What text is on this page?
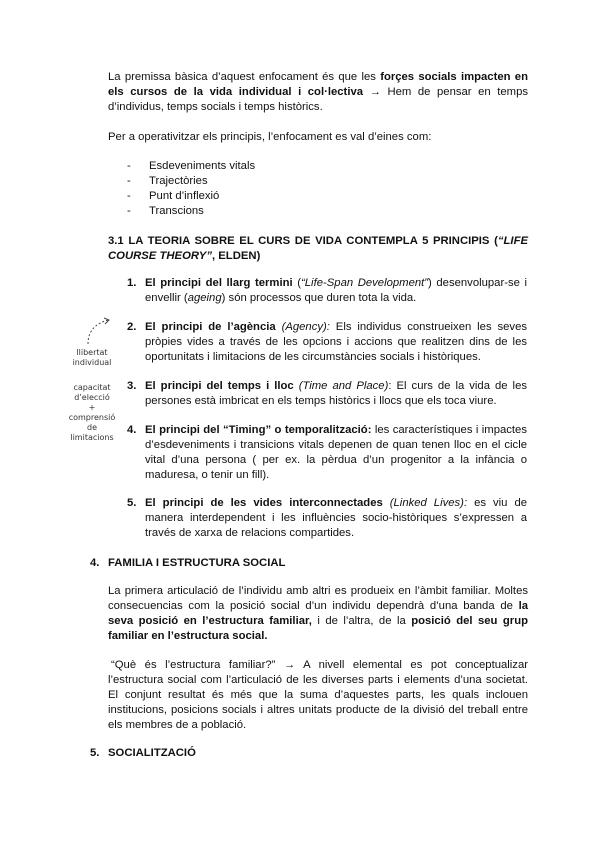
La premissa bàsica d’aquest enfocament és que les forçes socials impacten en els cursos de la vida individual i col·lectiva → Hem de pensar en temps d’individus, temps socials i temps històrics.

Per a operativitzar els principis, l’enfocament es val d’eines com:

- Esdeveniments vitals
- Trajectòries
- Punt d’inflexió
- Transcions
3.1 LA TEORIA SOBRE EL CURS DE VIDA CONTEMPLA 5 PRINCIPIS (“LIFE COURSE THEORY”, ELDEN)
1. El principi del llarg termini (“Life-Span Development”) desenvolupar-se i envellir (ageing) són processos que duren tota la vida.
2. El principi de l’agència (Agency): Els individus construeixen les seves pròpies vides a través de les opcions i accions que realitzen dins de les oportunitats i limitacions de les circumstàncies socials i històriques.
3. El principi del temps i lloc (Time and Place): El curs de la vida de les persones està imbricat en els temps històrics i llocs que els toca viure.
4. El principi del “Timing” o temporalització: les característiques i impactes d’esdeveniments i transicions vitals depenen de quan tenen lloc en el cicle vital d’una persona ( per ex. la pèrdua d’un progenitor a la infància o maduresa, o tenir un fill).
5. El principi de les vides interconnectades (Linked Lives): es viu de manera interdependent i les influències socio-històriques s’expressen a través de xarxa de relacions compartides.
llibertat
individual
capacitat
d’elecció
+
comprensió
de
limitacions
4. FAMILIA I ESTRUCTURA SOCIAL

La primera articulació de l’individu amb altri es produeix en l’àmbit familiar. Moltes consecuencias com la posició social d’un individu dependrà d’una banda de la seva posició en l’estructura familiar, i de l’altra, de la posició del seu grup familiar en l’estructura social.

“Què és l’estructura familiar?” → A nivell elemental es pot conceptualizar l’estructura social com l’articulació de les diverses parts i elements d’una societat. El conjunt resultat és més que la suma d’aquestes parts, les quals inclouen institucions, posicions socials i altres unitats producte de la divisió del treball entre els membres de a població.

5. SOCIALITZACIÓ
